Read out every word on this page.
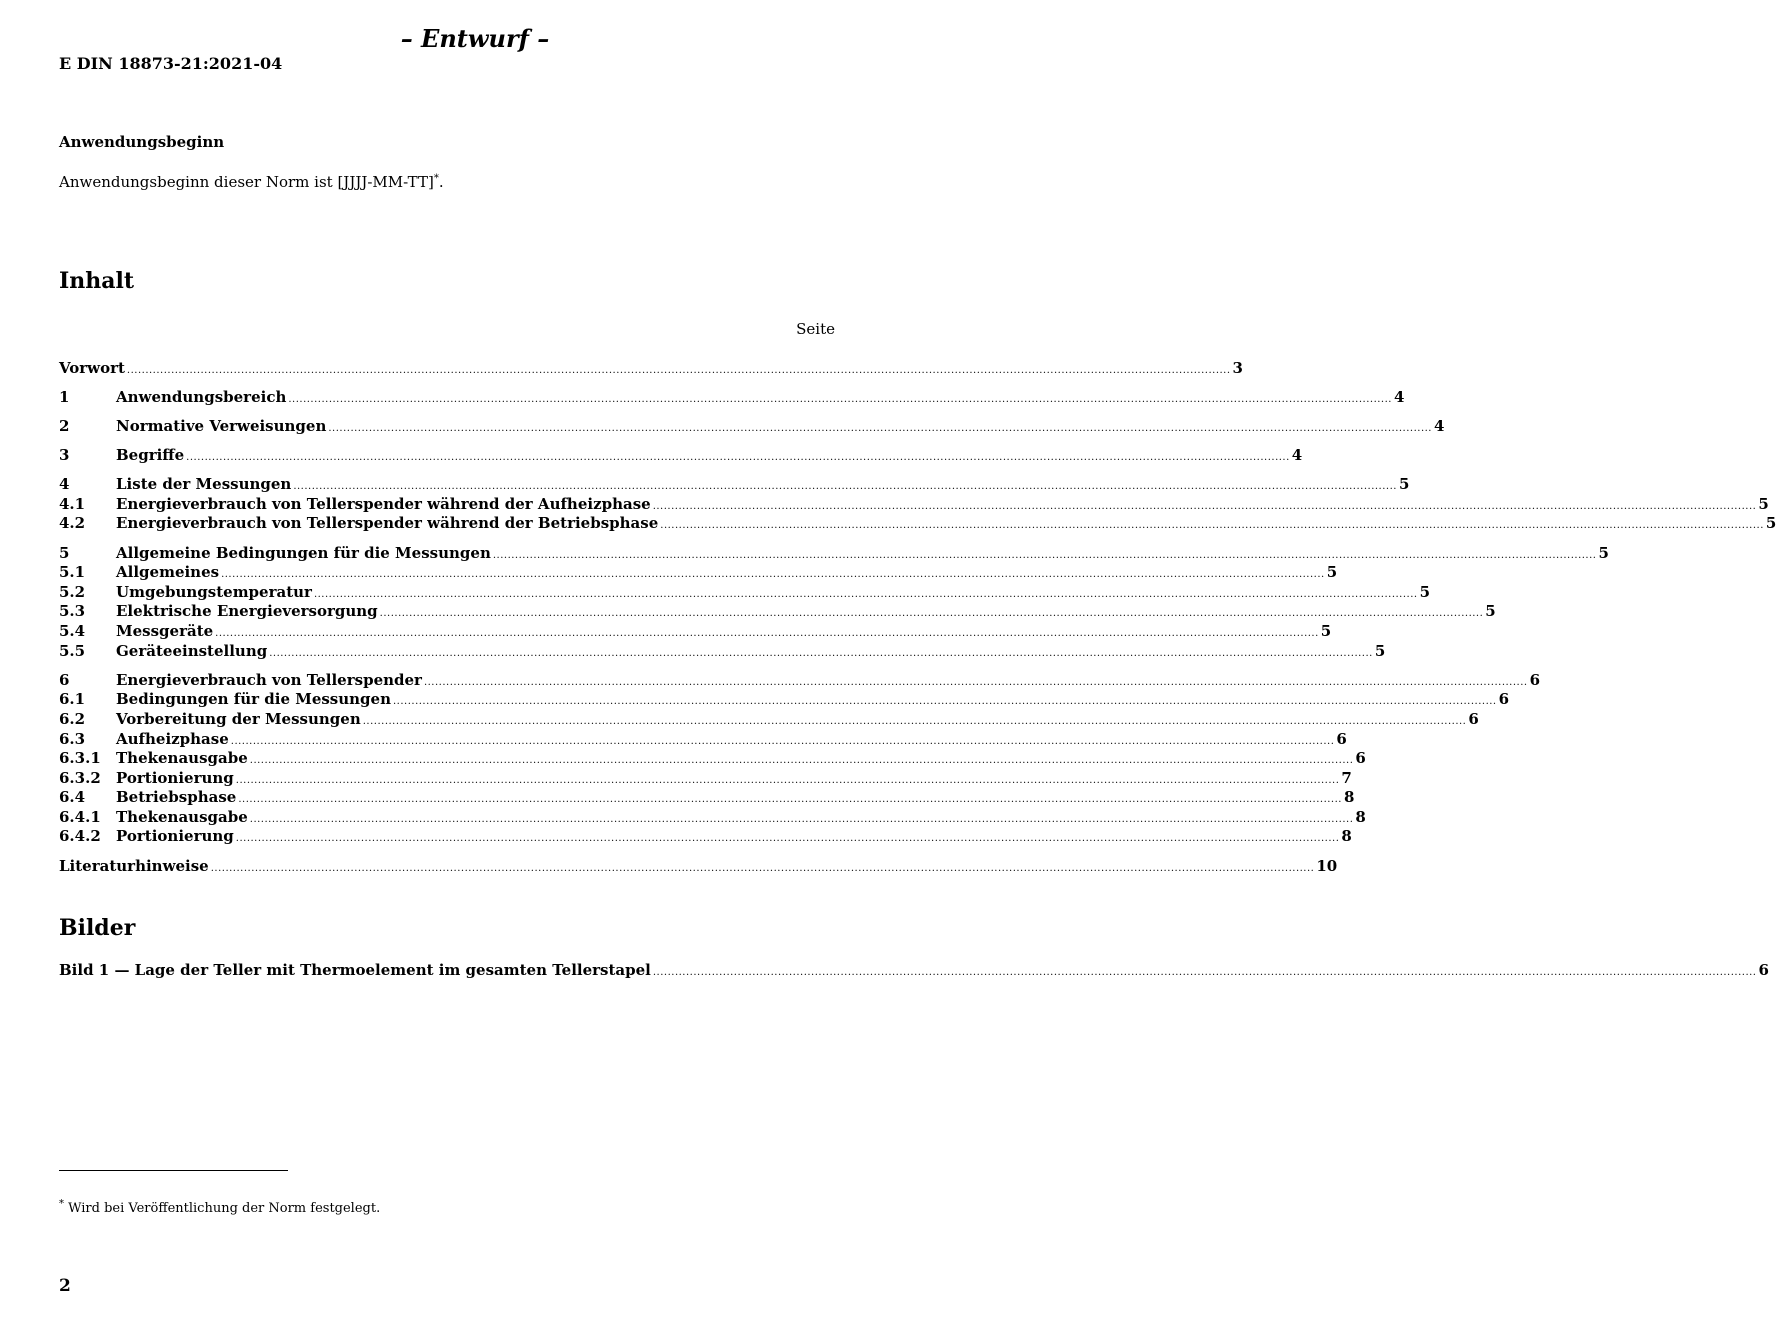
– Entwurf –
E DIN 18873-21:2021-04
Anwendungsbeginn
Anwendungsbeginn dieser Norm ist [JJJJ-MM-TT]*.
Inhalt
Seite
Vorwort ............................................................................................................................................................................................................................................................................................................ 3
1	Anwendungsbereich ............................................................................................................................................................................................................................................................................................................ 4
2	Normative Verweisungen ............................................................................................................................................................................................................................................................................................................ 4
3	Begriffe ............................................................................................................................................................................................................................................................................................................ 4
4	Liste der Messungen ............................................................................................................................................................................................................................................................................................................ 5
4.1	Energieverbrauch von Tellerspender während der Aufheizphase ............................................................................................................................................................................................................................................................................................................ 5
4.2	Energieverbrauch von Tellerspender während der Betriebsphase ............................................................................................................................................................................................................................................................................................................ 5
5	Allgemeine Bedingungen für die Messungen ............................................................................................................................................................................................................................................................................................................ 5
5.1	Allgemeines ............................................................................................................................................................................................................................................................................................................ 5
5.2	Umgebungstemperatur ............................................................................................................................................................................................................................................................................................................ 5
5.3	Elektrische Energieversorgung ............................................................................................................................................................................................................................................................................................................ 5
5.4	Messgeräte ............................................................................................................................................................................................................................................................................................................ 5
5.5	Geräteeinstellung ............................................................................................................................................................................................................................................................................................................ 5
6	Energieverbrauch von Tellerspender ............................................................................................................................................................................................................................................................................................................ 6
6.1	Bedingungen für die Messungen ............................................................................................................................................................................................................................................................................................................ 6
6.2	Vorbereitung der Messungen ............................................................................................................................................................................................................................................................................................................ 6
6.3	Aufheizphase ............................................................................................................................................................................................................................................................................................................ 6
6.3.1	Thekenausgabe ............................................................................................................................................................................................................................................................................................................ 6
6.3.2	Portionierung ............................................................................................................................................................................................................................................................................................................ 7
6.4	Betriebsphase ............................................................................................................................................................................................................................................................................................................ 8
6.4.1	Thekenausgabe ............................................................................................................................................................................................................................................................................................................ 8
6.4.2	Portionierung ............................................................................................................................................................................................................................................................................................................ 8
Literaturhinweise ............................................................................................................................................................................................................................................................................................................ 10
Bilder
Bild 1 — Lage der Teller mit Thermoelement im gesamten Tellerstapel ............................................................................................................................................................................................................................................................................................................ 6
* Wird bei Veröffentlichung der Norm festgelegt.
2
